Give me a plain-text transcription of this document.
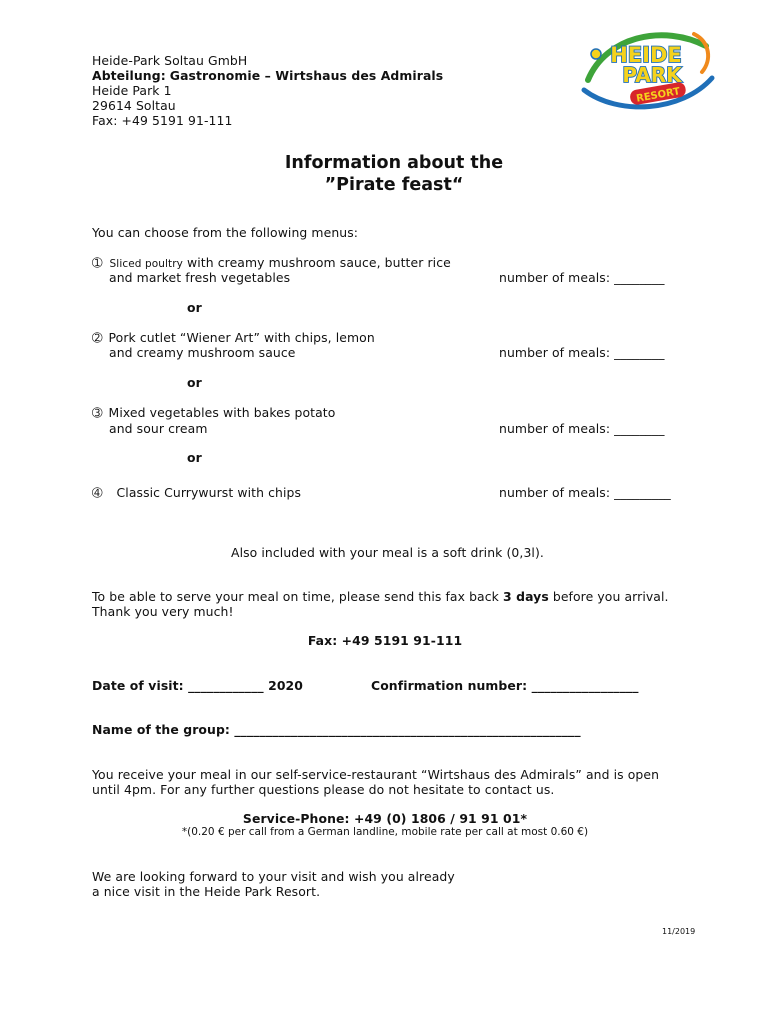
Heide-Park Soltau GmbH
Abteilung: Gastronomie – Wirtshaus des Admirals
Heide Park 1
29614 Soltau
Fax: +49 5191 91-111
HEIDE
PARK
RESORT
Information about the
”Pirate feast“
You can choose from the following menus:
➀ Sliced poultry with creamy mushroom sauce, butter rice
and market fresh vegetables	number of meals: ________
or
➁ Pork cutlet “Wiener Art” with chips, lemon
and creamy mushroom sauce	number of meals: ________
or
➂ Mixed vegetables with bakes potato
and sour cream	number of meals: ________
or
➃ Classic Currywurst with chips	number of meals: _________
Also included with your meal is a soft drink (0,3l).
To be able to serve your meal on time, please send this fax back 3 days before you arrival.
Thank you very much!
Fax: +49 5191 91-111
Date of visit: ____________ 2020	Confirmation number: _________________
Name of the group: _______________________________________________________
You receive your meal in our self-service-restaurant “Wirtshaus des Admirals” and is open
until 4pm. For any further questions please do not hesitate to contact us.
Service-Phone: +49 (0) 1806 / 91 91 01*
*(0.20 € per call from a German landline, mobile rate per call at most 0.60 €)
We are looking forward to your visit and wish you already
a nice visit in the Heide Park Resort.
11/2019
